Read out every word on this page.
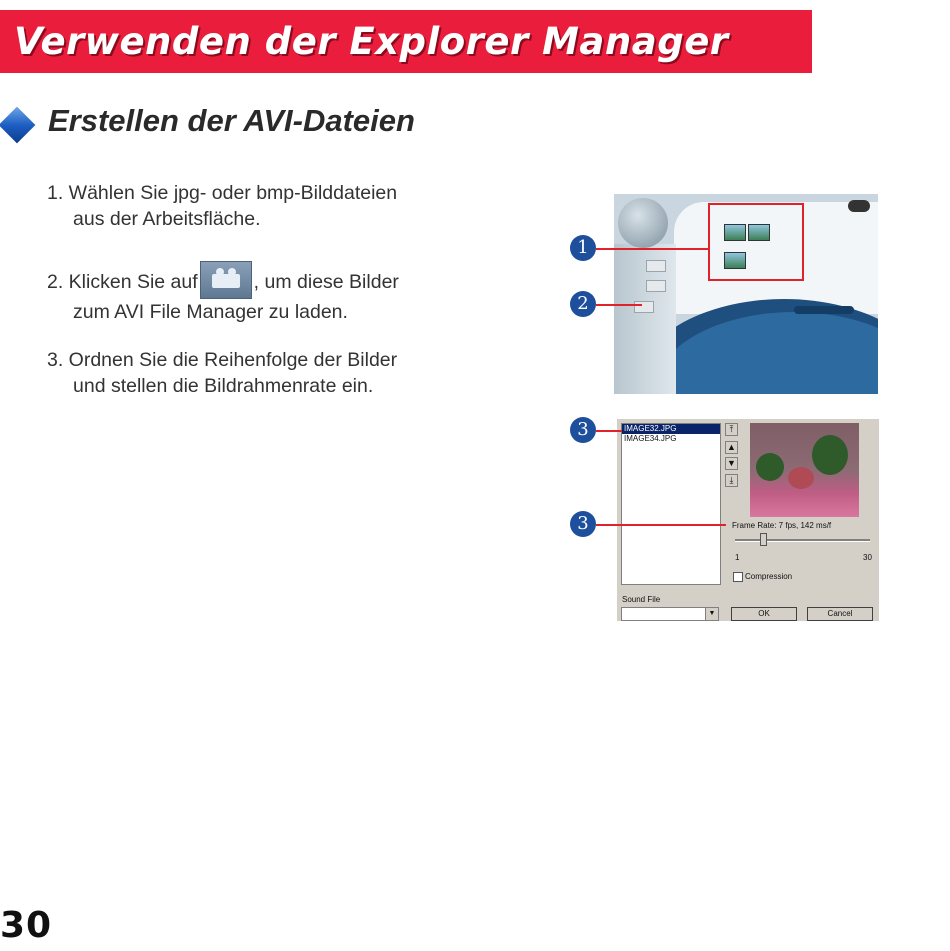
Verwenden der Explorer Manager
Erstellen der AVI-Dateien
1. Wählen Sie jpg- oder bmp-Bilddateien
aus der Arbeitsfläche.
2. Klicken Sie auf	, um diese Bilder
zum AVI File Manager zu laden.
3. Ordnen Sie die Reihenfolge der Bilder
und stellen die Bildrahmenrate ein.
IMAGE32.JPG
IMAGE34.JPG
⤒
▲
▼
⤓
Frame Rate: 7 fps, 142 ms/f
1	30
Compression
Sound File
▼	OK	Cancel
1
2
3
3
30
